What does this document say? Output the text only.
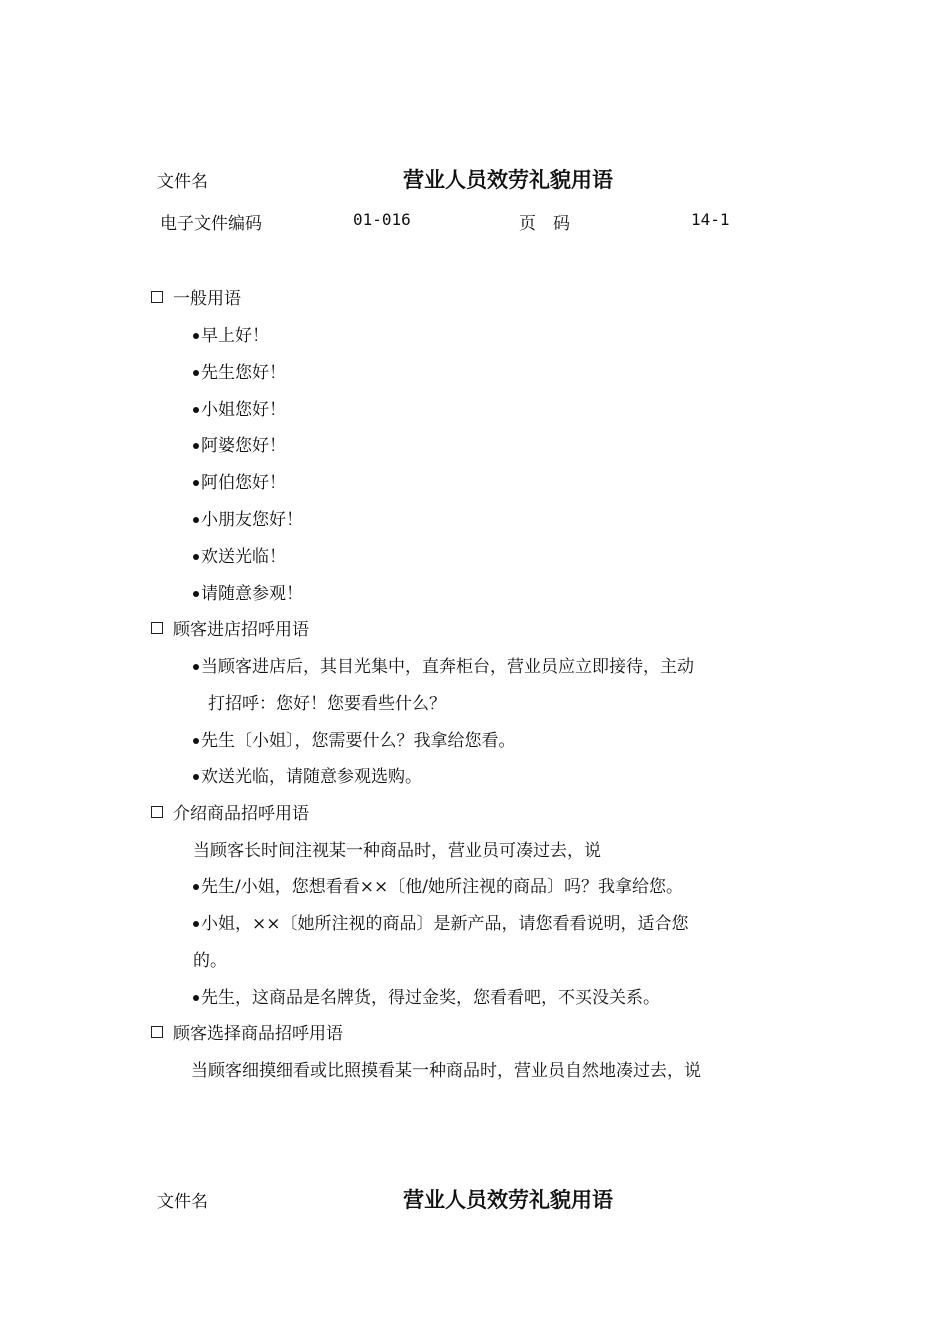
文件名	营业人员效劳礼貌用语
电子文件编码	01-016	页　码	14-1
一般用语
早上好！
先生您好！
小姐您好！
阿婆您好！
阿伯您好！
小朋友您好！
欢送光临！
请随意参观！
顾客进店招呼用语
当顾客进店后，其目光集中，直奔柜台，营业员应立即接待，主动
打招呼：您好！您要看些什么？
先生〔小姐〕，您需要什么？我拿给您看。
欢送光临，请随意参观选购。
介绍商品招呼用语
当顾客长时间注视某一种商品时，营业员可凑过去，说
先生/小姐，您想看看××〔他/她所注视的商品〕吗？我拿给您。
小姐，××〔她所注视的商品〕是新产品，请您看看说明，适合您
的。
先生，这商品是名牌货，得过金奖，您看看吧，不买没关系。
顾客选择商品招呼用语
当顾客细摸细看或比照摸看某一种商品时，营业员自然地凑过去，说
文件名	营业人员效劳礼貌用语
